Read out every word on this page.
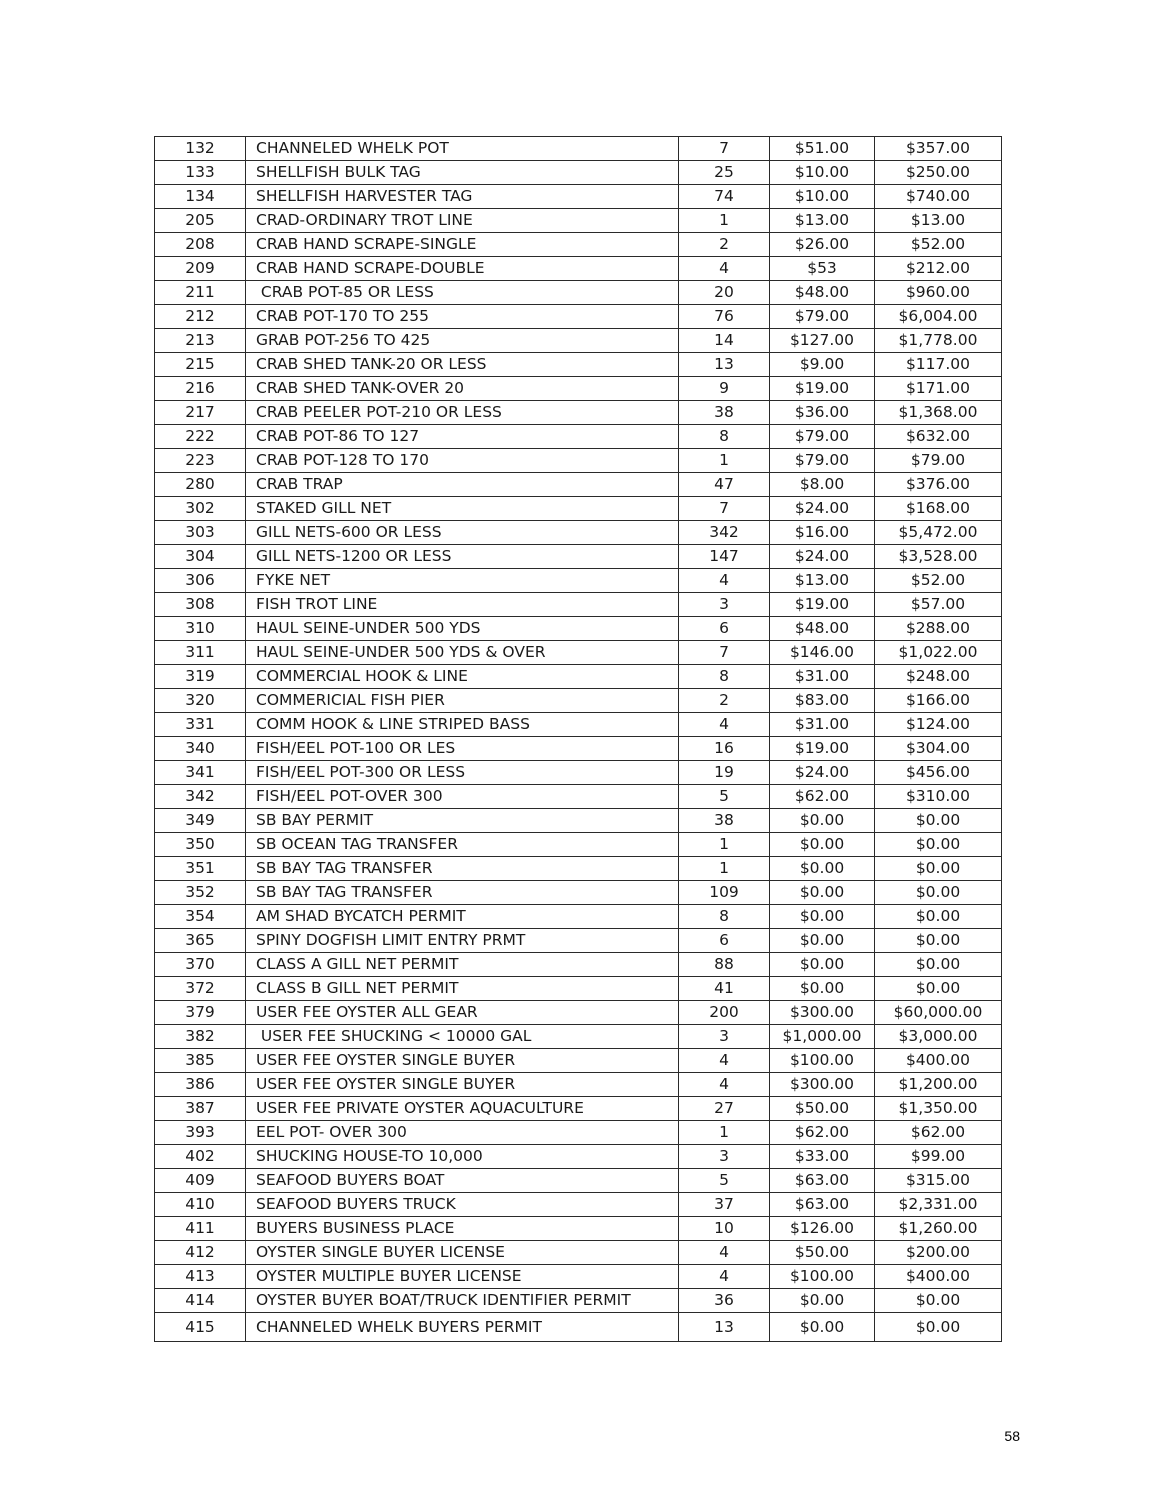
132	CHANNELED WHELK POT	7	$51.00	$357.00
133	SHELLFISH BULK TAG	25	$10.00	$250.00
134	SHELLFISH HARVESTER TAG	74	$10.00	$740.00
205	CRAD-ORDINARY TROT LINE	1	$13.00	$13.00
208	CRAB HAND SCRAPE-SINGLE	2	$26.00	$52.00
209	CRAB HAND SCRAPE-DOUBLE	4	$53	$212.00
211	CRAB POT-85 OR LESS	20	$48.00	$960.00
212	CRAB POT-170 TO 255	76	$79.00	$6,004.00
213	GRAB POT-256 TO 425	14	$127.00	$1,778.00
215	CRAB SHED TANK-20 OR LESS	13	$9.00	$117.00
216	CRAB SHED TANK-OVER 20	9	$19.00	$171.00
217	CRAB PEELER POT-210 OR LESS	38	$36.00	$1,368.00
222	CRAB POT-86 TO 127	8	$79.00	$632.00
223	CRAB POT-128 TO 170	1	$79.00	$79.00
280	CRAB TRAP	47	$8.00	$376.00
302	STAKED GILL NET	7	$24.00	$168.00
303	GILL NETS-600 OR LESS	342	$16.00	$5,472.00
304	GILL NETS-1200 OR LESS	147	$24.00	$3,528.00
306	FYKE NET	4	$13.00	$52.00
308	FISH TROT LINE	3	$19.00	$57.00
310	HAUL SEINE-UNDER 500 YDS	6	$48.00	$288.00
311	HAUL SEINE-UNDER 500 YDS & OVER	7	$146.00	$1,022.00
319	COMMERCIAL HOOK & LINE	8	$31.00	$248.00
320	COMMERICIAL FISH PIER	2	$83.00	$166.00
331	COMM HOOK & LINE STRIPED BASS	4	$31.00	$124.00
340	FISH/EEL POT-100 OR LES	16	$19.00	$304.00
341	FISH/EEL POT-300 OR LESS	19	$24.00	$456.00
342	FISH/EEL POT-OVER 300	5	$62.00	$310.00
349	SB BAY PERMIT	38	$0.00	$0.00
350	SB OCEAN TAG TRANSFER	1	$0.00	$0.00
351	SB BAY TAG TRANSFER	1	$0.00	$0.00
352	SB BAY TAG TRANSFER	109	$0.00	$0.00
354	AM SHAD BYCATCH PERMIT	8	$0.00	$0.00
365	SPINY DOGFISH LIMIT ENTRY PRMT	6	$0.00	$0.00
370	CLASS A GILL NET PERMIT	88	$0.00	$0.00
372	CLASS B GILL NET PERMIT	41	$0.00	$0.00
379	USER FEE OYSTER ALL GEAR	200	$300.00	$60,000.00
382	USER FEE SHUCKING < 10000 GAL	3	$1,000.00	$3,000.00
385	USER FEE OYSTER SINGLE BUYER	4	$100.00	$400.00
386	USER FEE OYSTER SINGLE BUYER	4	$300.00	$1,200.00
387	USER FEE PRIVATE OYSTER AQUACULTURE	27	$50.00	$1,350.00
393	EEL POT- OVER 300	1	$62.00	$62.00
402	SHUCKING HOUSE-TO 10,000	3	$33.00	$99.00
409	SEAFOOD BUYERS BOAT	5	$63.00	$315.00
410	SEAFOOD BUYERS TRUCK	37	$63.00	$2,331.00
411	BUYERS BUSINESS PLACE	10	$126.00	$1,260.00
412	OYSTER SINGLE BUYER LICENSE	4	$50.00	$200.00
413	OYSTER MULTIPLE BUYER LICENSE	4	$100.00	$400.00
414	OYSTER BUYER BOAT/TRUCK IDENTIFIER PERMIT	36	$0.00	$0.00
415	CHANNELED WHELK BUYERS PERMIT	13	$0.00	$0.00
58
